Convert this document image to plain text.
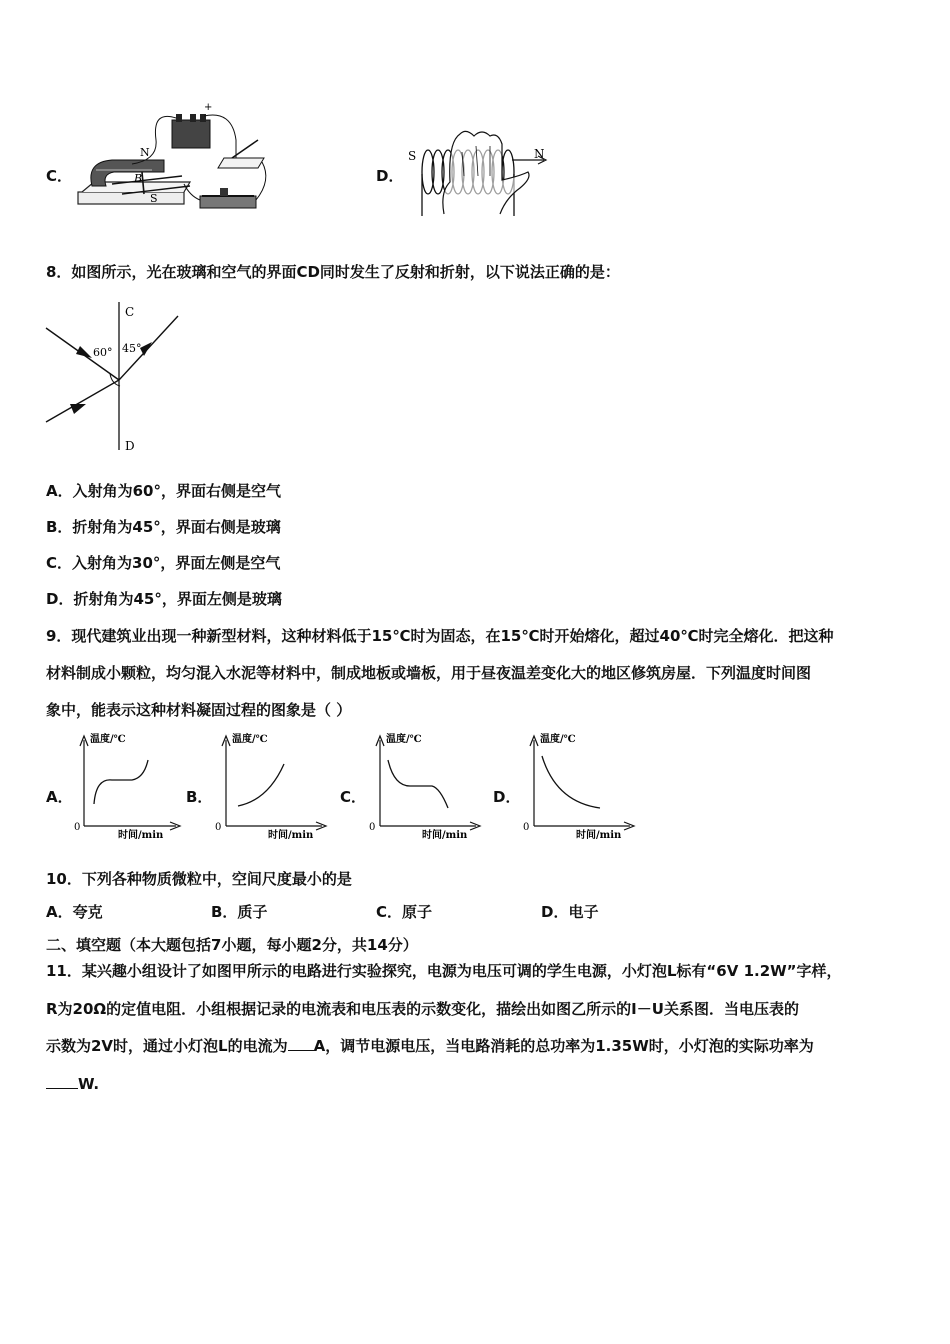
C．
N
B
S
+
D．
S	N
8．如图所示，光在玻璃和空气的界面CD同时发生了反射和折射，以下说法正确的是：
C
D
60° 45°
A．入射角为60°，界面右侧是空气
B．折射角为45°，界面右侧是玻璃
C．入射角为30°，界面左侧是空气
D．折射角为45°，界面左侧是玻璃
9．现代建筑业出现一种新型材料，这种材料低于15℃时为固态，在15℃时开始熔化，超过40℃时完全熔化．把这种
材料制成小颗粒，均匀混入水泥等材料中，制成地板或墙板，用于昼夜温差变化大的地区修筑房屋．下列温度时间图
象中，能表示这种材料凝固过程的图象是（ ）
A．
温度/℃
0
时间/min
B．
温度/℃
0
时间/min
C．
温度/℃
0
时间/min
D．
温度/℃
0
时间/min
10．下列各种物质微粒中，空间尺度最小的是
A．夸克	B．质子	C．原子	D．电子
二、填空题（本大题包括7小题，每小题2分，共14分）
11．某兴趣小组设计了如图甲所示的电路进行实验探究，电源为电压可调的学生电源，小灯泡L标有“6V 1.2W”字样，
R为20Ω的定值电阻．小组根据记录的电流表和电压表的示数变化，描绘出如图乙所示的I－U关系图．当电压表的
示数为2V时，通过小灯泡L的电流为 A，调节电源电压，当电路消耗的总功率为1.35W时，小灯泡的实际功率为
W.
